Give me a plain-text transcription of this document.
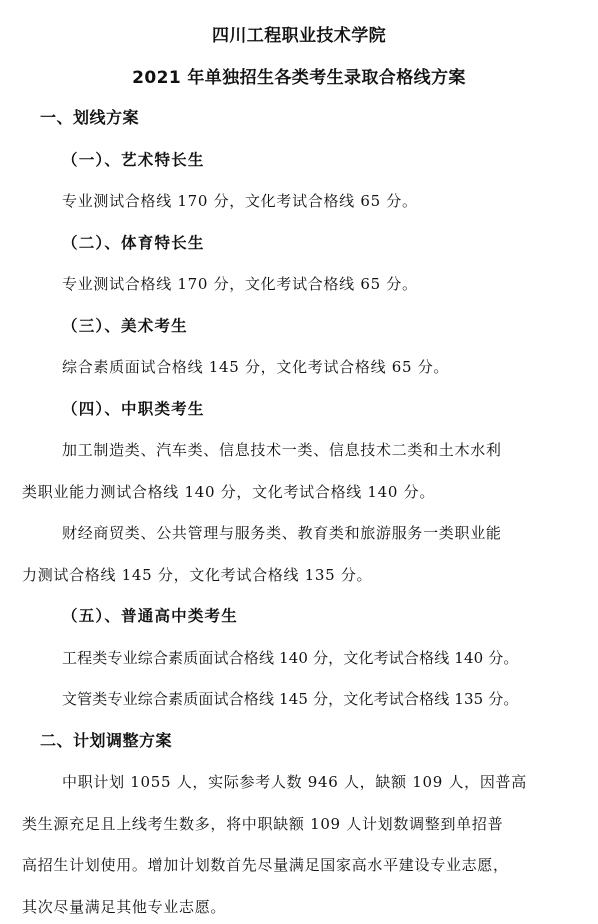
四川工程职业技术学院
2021 年单独招生各类考生录取合格线方案
一、划线方案
（一）、艺术特长生
专业测试合格线 170 分，文化考试合格线 65 分。
（二）、体育特长生
专业测试合格线 170 分，文化考试合格线 65 分。
（三）、美术考生
综合素质面试合格线 145 分，文化考试合格线 65 分。
（四）、中职类考生
加工制造类、汽车类、信息技术一类、信息技术二类和土木水利
类职业能力测试合格线 140 分，文化考试合格线 140 分。
财经商贸类、公共管理与服务类、教育类和旅游服务一类职业能
力测试合格线 145 分，文化考试合格线 135 分。
（五）、普通高中类考生
工程类专业综合素质面试合格线 140 分，文化考试合格线 140 分。
文管类专业综合素质面试合格线 145 分，文化考试合格线 135 分。
二、计划调整方案
中职计划 1055 人，实际参考人数 946 人，缺额 109 人，因普高
类生源充足且上线考生数多，将中职缺额 109 人计划数调整到单招普
高招生计划使用。增加计划数首先尽量满足国家高水平建设专业志愿，
其次尽量满足其他专业志愿。
